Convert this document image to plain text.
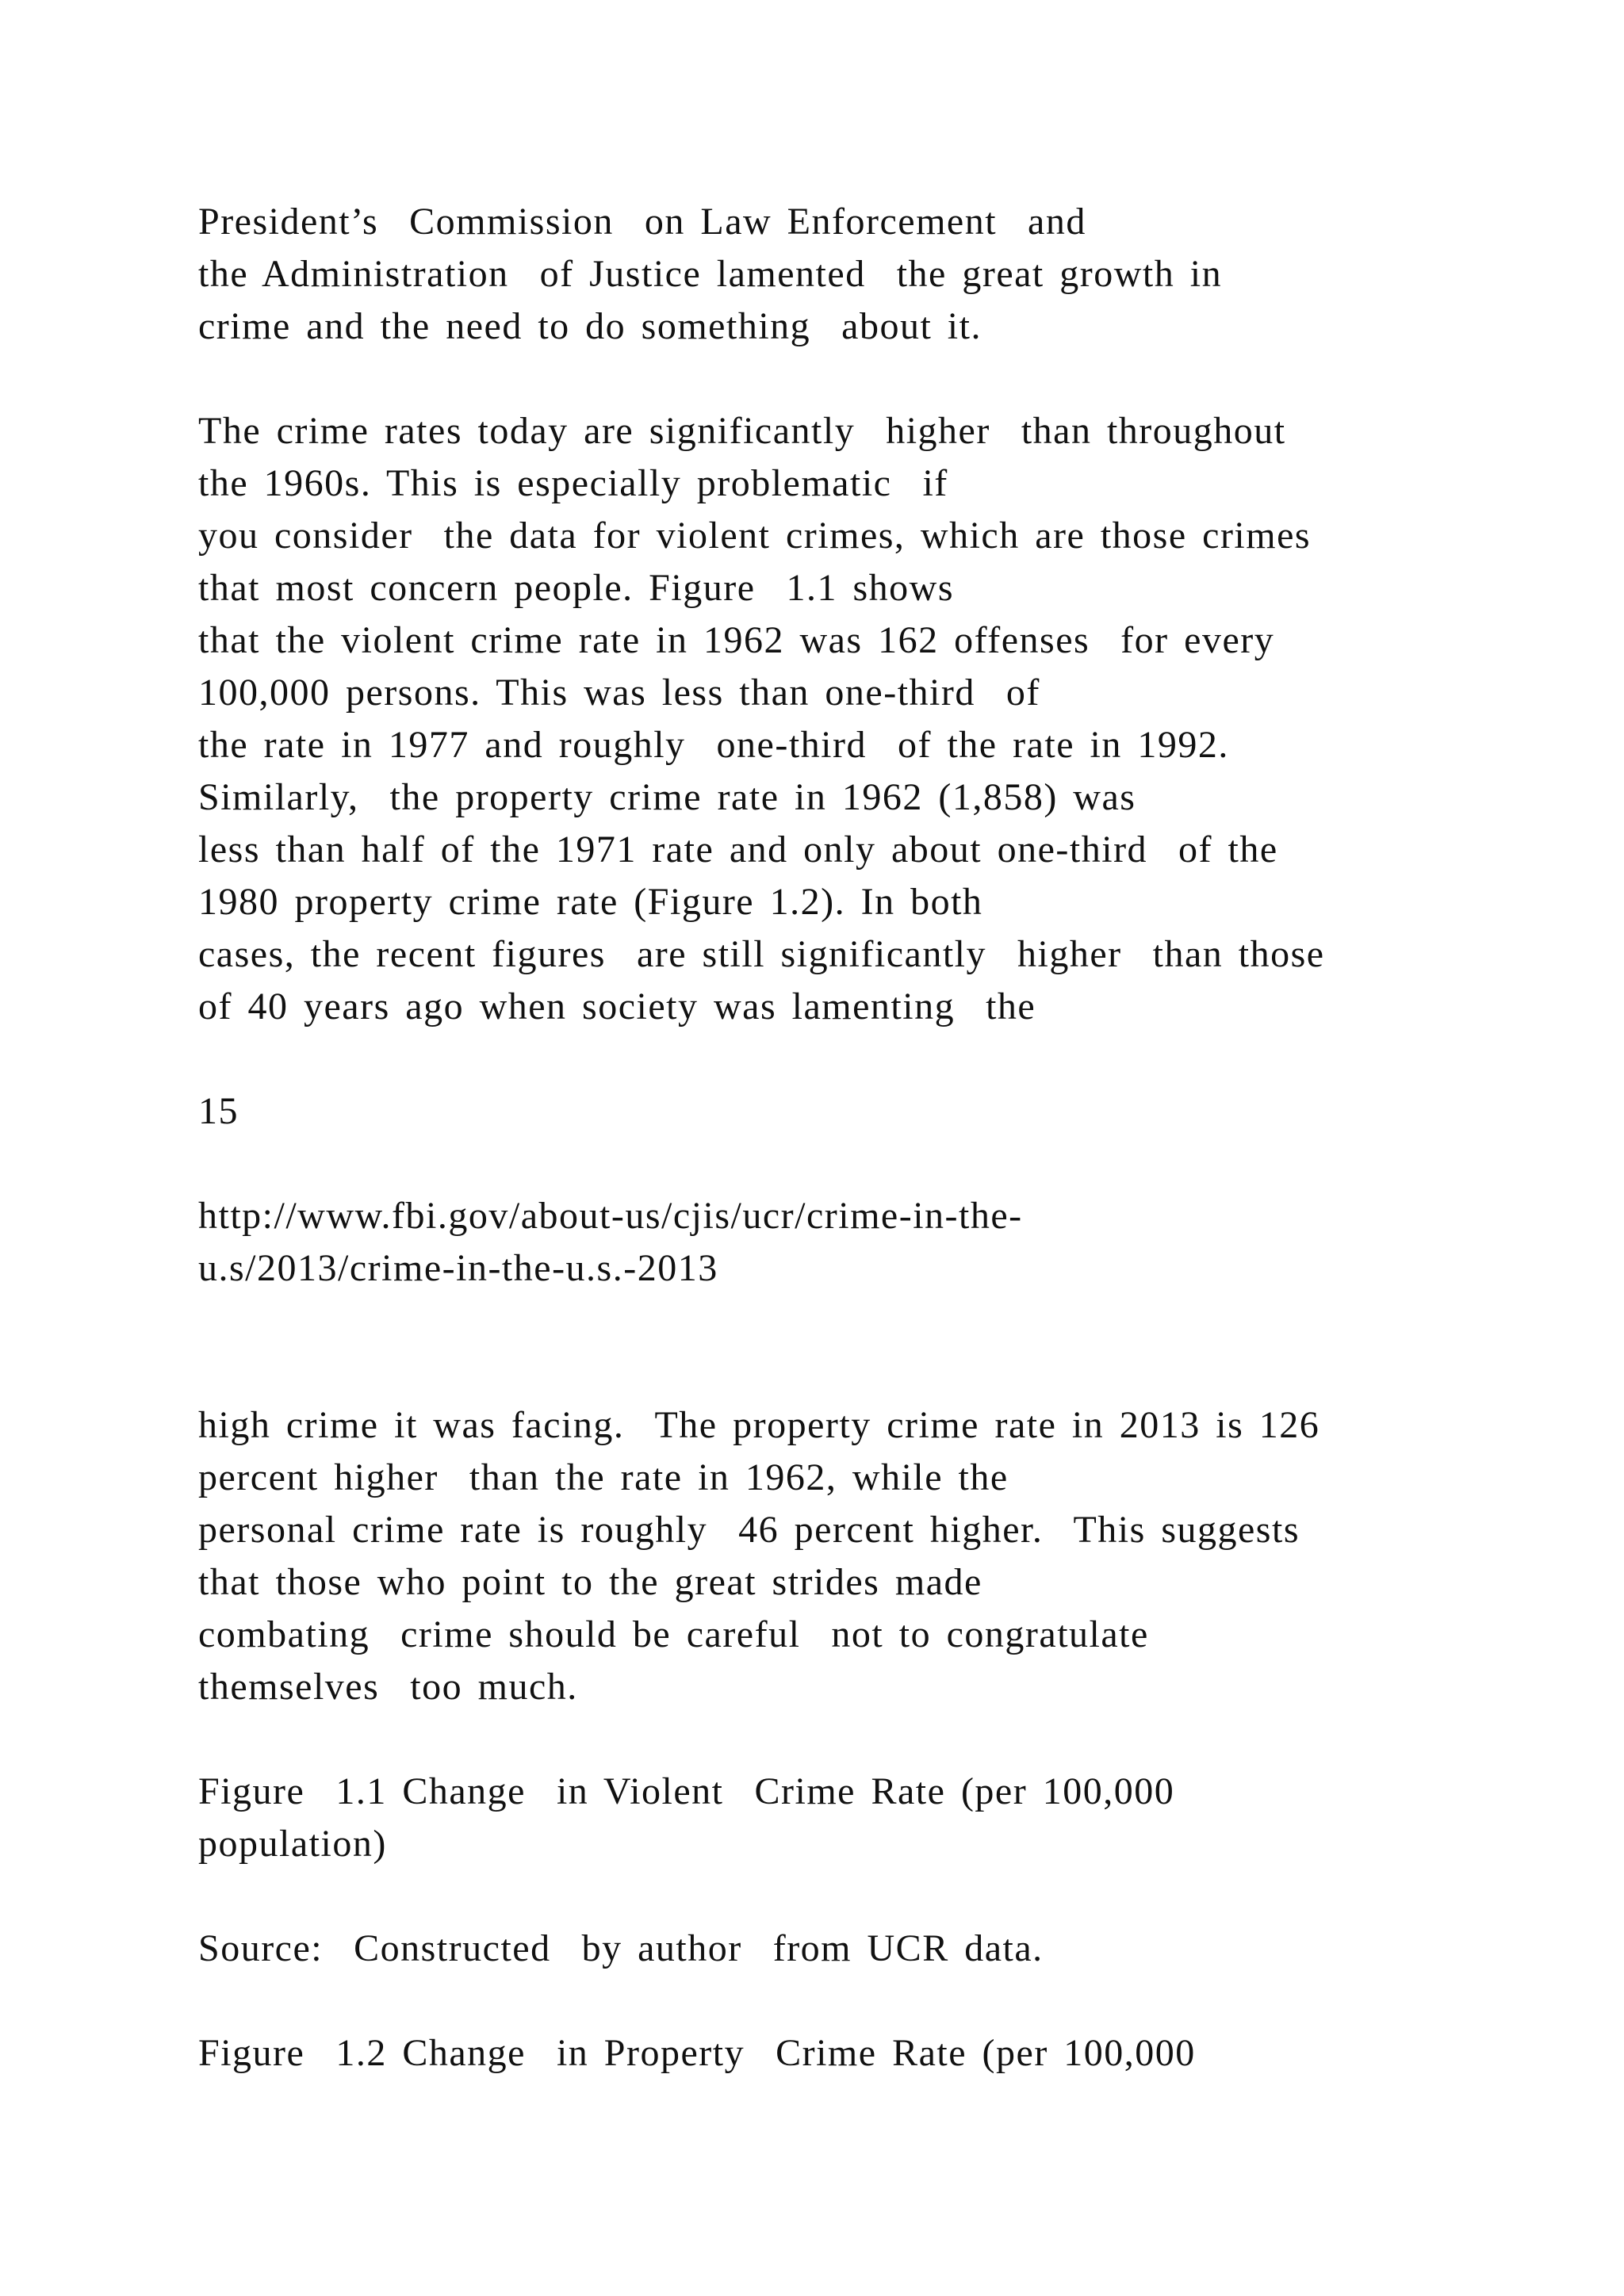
President’s  Commission  on Law Enforcement  and

the Administration  of Justice lamented  the great growth in

crime and the need to do something  about it.

The crime rates today are significantly  higher  than throughout

the 1960s. This is especially problematic  if

you consider  the data for violent crimes, which are those crimes

that most concern people. Figure  1.1 shows

that the violent crime rate in 1962 was 162 offenses  for every

100,000 persons. This was less than one-third  of

the rate in 1977 and roughly  one-third  of the rate in 1992.

Similarly,  the property crime rate in 1962 (1,858) was

less than half of the 1971 rate and only about one-third  of the

1980 property crime rate (Figure 1.2). In both

cases, the recent figures  are still significantly  higher  than those

of 40 years ago when society was lamenting  the

15

http://www.fbi.gov/about-us/cjis/ucr/crime-in-the-

u.s/2013/crime-in-the-u.s.-2013

high crime it was facing.  The property crime rate in 2013 is 126

percent higher  than the rate in 1962, while the

personal crime rate is roughly  46 percent higher.  This suggests

that those who point to the great strides made

combating  crime should be careful  not to congratulate

themselves  too much.

Figure  1.1 Change  in Violent  Crime Rate (per 100,000

population)

Source:  Constructed  by author  from UCR data.

Figure  1.2 Change  in Property  Crime Rate (per 100,000
